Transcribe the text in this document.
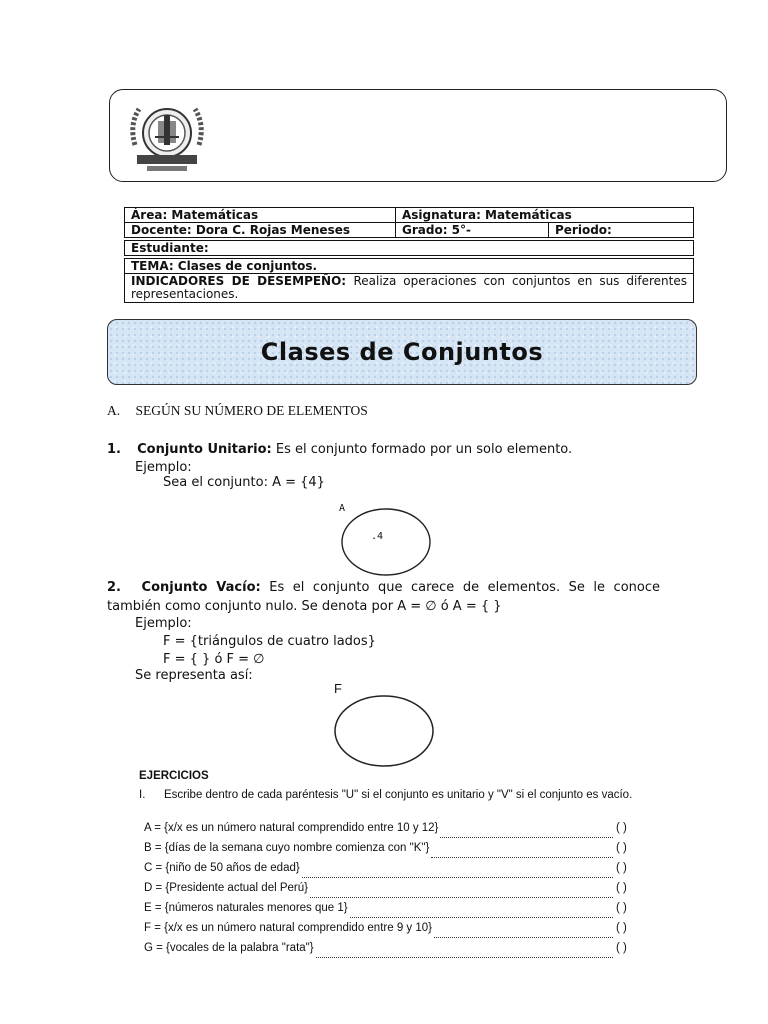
Área: Matemáticas	Asignatura: Matemáticas	
Docente: Dora C. Rojas Meneses	Grado: 5°-	Periodo:

Estudiante:		

TEMA: Clases de conjuntos.		
INDICADORES DE DESEMPEÑO: Realiza operaciones con conjuntos en sus diferentes representaciones.		
Clases de Conjuntos
A. SEGÚN SU NÚMERO DE ELEMENTOS
1. Conjunto Unitario: Es el conjunto formado por un solo elemento.
Ejemplo:
Sea el conjunto: A = {4}
A
.4
2. Conjunto Vacío: Es el conjunto que carece de elementos. Se le conoce también como conjunto nulo. Se denota por A = ∅ ó A = { }
Ejemplo:
F = {triángulos de cuatro lados}
F = { } ó F = ∅
Se representa así:
F
EJERCICIOS
I.	Escribe dentro de cada paréntesis "U" si el conjunto es unitario y "V" si el conjunto es vacío.
A = {x/x es un número natural comprendido entre 10 y 12}	( )
B = {días de la semana cuyo nombre comienza con "K"}	( )
C = {niño de 50 años de edad}	( )
D = {Presidente actual del Perú}	( )
E = {números naturales menores que 1}	( )
F = {x/x es un número natural comprendido entre 9 y 10}	( )
G = {vocales de la palabra "rata"}	( )
